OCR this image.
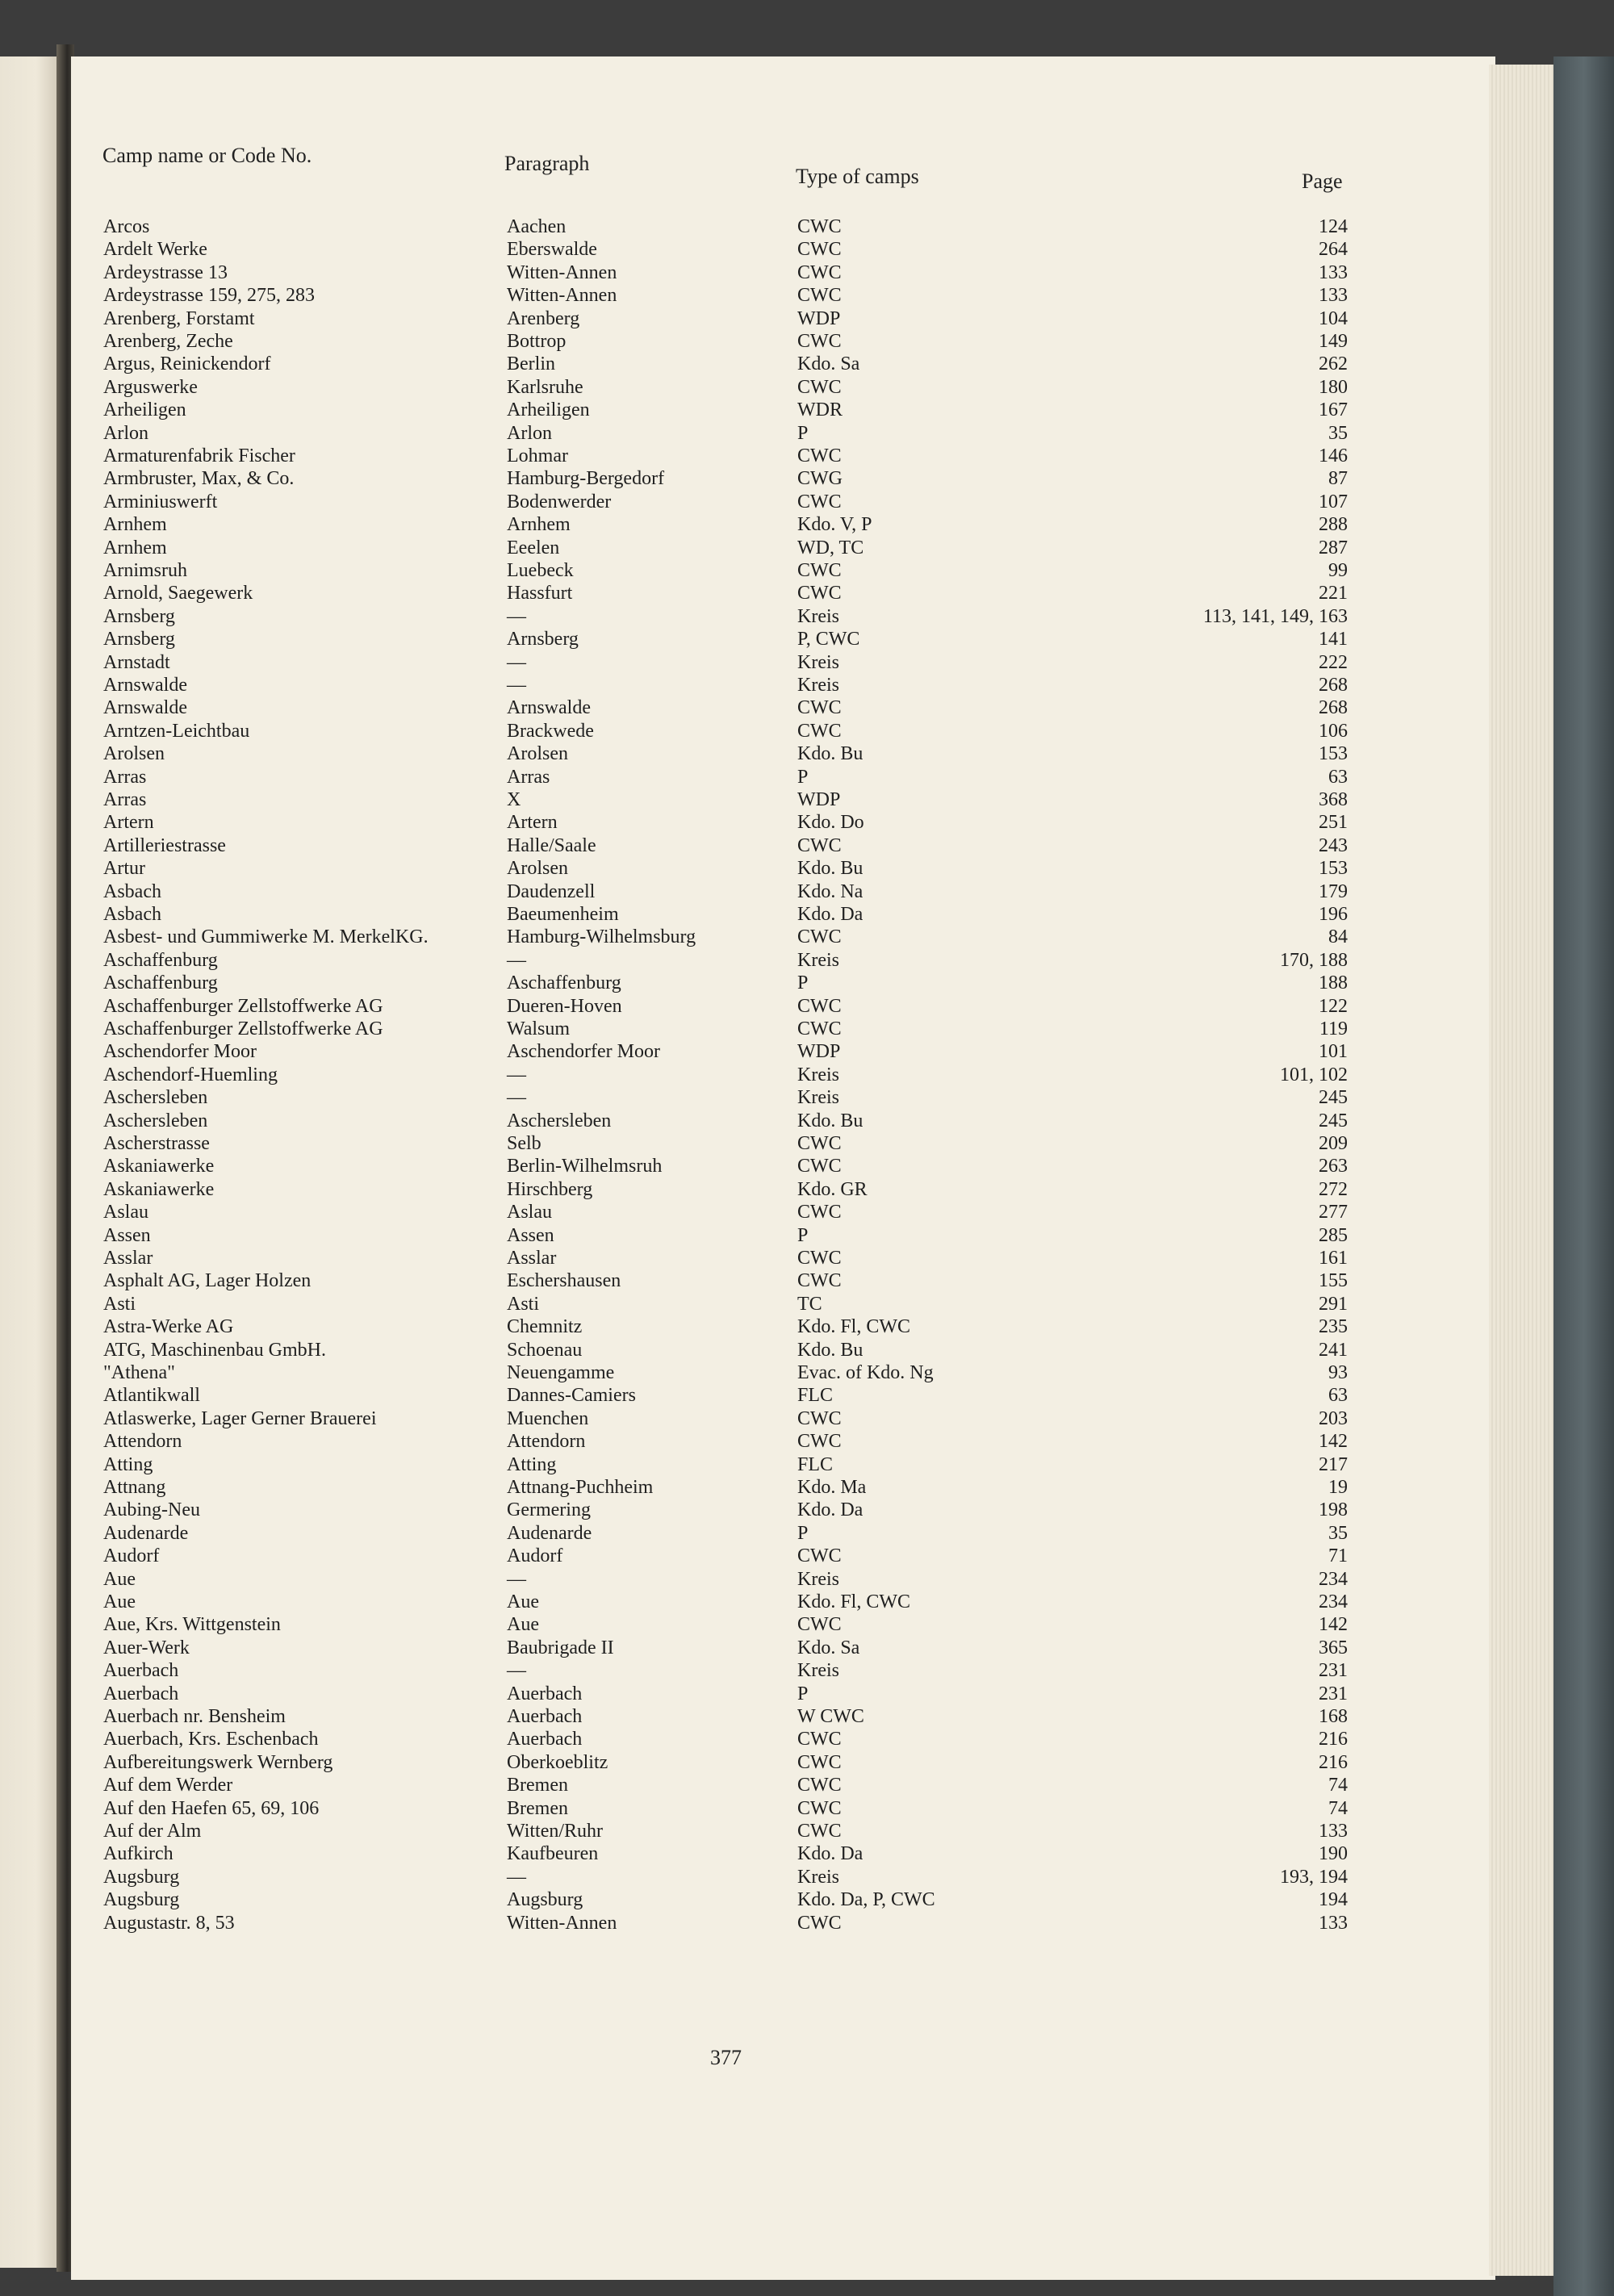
Camp name or Code No.	Paragraph
Type of camps	Page
Arcos	Aachen	CWC	124
Ardelt Werke	Eberswalde	CWC	264
Ardeystrasse 13	Witten-Annen	CWC	133
Ardeystrasse 159, 275, 283	Witten-Annen	CWC	133
Arenberg, Forstamt	Arenberg	WDP	104
Arenberg, Zeche	Bottrop	CWC	149
Argus, Reinickendorf	Berlin	Kdo. Sa	262
Arguswerke	Karlsruhe	CWC	180
Arheiligen	Arheiligen	WDR	167
Arlon	Arlon	P	35
Armaturenfabrik Fischer	Lohmar	CWC	146
Armbruster, Max, & Co.	Hamburg-Bergedorf	CWG	87
Arminiuswerft	Bodenwerder	CWC	107
Arnhem	Arnhem	Kdo. V, P	288
Arnhem	Eeelen	WD, TC	287
Arnimsruh	Luebeck	CWC	99
Arnold, Saegewerk	Hassfurt	CWC	221
Arnsberg	—	Kreis	113, 141, 149, 163
Arnsberg	Arnsberg	P, CWC	141
Arnstadt	—	Kreis	222
Arnswalde	—	Kreis	268
Arnswalde	Arnswalde	CWC	268
Arntzen-Leichtbau	Brackwede	CWC	106
Arolsen	Arolsen	Kdo. Bu	153
Arras	Arras	P	63
Arras	X	WDP	368
Artern	Artern	Kdo. Do	251
Artilleriestrasse	Halle/Saale	CWC	243
Artur	Arolsen	Kdo. Bu	153
Asbach	Daudenzell	Kdo. Na	179
Asbach	Baeumenheim	Kdo. Da	196
Asbest- und Gummiwerke M. MerkelKG.	Hamburg-Wilhelmsburg	CWC	84
Aschaffenburg	—	Kreis	170, 188
Aschaffenburg	Aschaffenburg	P	188
Aschaffenburger Zellstoffwerke AG	Dueren-Hoven	CWC	122
Aschaffenburger Zellstoffwerke AG	Walsum	CWC	119
Aschendorfer Moor	Aschendorfer Moor	WDP	101
Aschendorf-Huemling	—	Kreis	101, 102
Aschersleben	—	Kreis	245
Aschersleben	Aschersleben	Kdo. Bu	245
Ascherstrasse	Selb	CWC	209
Askaniawerke	Berlin-Wilhelmsruh	CWC	263
Askaniawerke	Hirschberg	Kdo. GR	272
Aslau	Aslau	CWC	277
Assen	Assen	P	285
Asslar	Asslar	CWC	161
Asphalt AG, Lager Holzen	Eschershausen	CWC	155
Asti	Asti	TC	291
Astra-Werke AG	Chemnitz	Kdo. Fl, CWC	235
ATG, Maschinenbau GmbH.	Schoenau	Kdo. Bu	241
"Athena"	Neuengamme	Evac. of Kdo. Ng	93
Atlantikwall	Dannes-Camiers	FLC	63
Atlaswerke, Lager Gerner Brauerei	Muenchen	CWC	203
Attendorn	Attendorn	CWC	142
Atting	Atting	FLC	217
Attnang	Attnang-Puchheim	Kdo. Ma	19
Aubing-Neu	Germering	Kdo. Da	198
Audenarde	Audenarde	P	35
Audorf	Audorf	CWC	71
Aue	—	Kreis	234
Aue	Aue	Kdo. Fl, CWC	234
Aue, Krs. Wittgenstein	Aue	CWC	142
Auer-Werk	Baubrigade II	Kdo. Sa	365
Auerbach	—	Kreis	231
Auerbach	Auerbach	P	231
Auerbach nr. Bensheim	Auerbach	W CWC	168
Auerbach, Krs. Eschenbach	Auerbach	CWC	216
Aufbereitungswerk Wernberg	Oberkoeblitz	CWC	216
Auf dem Werder	Bremen	CWC	74
Auf den Haefen 65, 69, 106	Bremen	CWC	74
Auf der Alm	Witten/Ruhr	CWC	133
Aufkirch	Kaufbeuren	Kdo. Da	190
Augsburg	—	Kreis	193, 194
Augsburg	Augsburg	Kdo. Da, P, CWC	194
Augustastr. 8, 53	Witten-Annen	CWC	133
377
